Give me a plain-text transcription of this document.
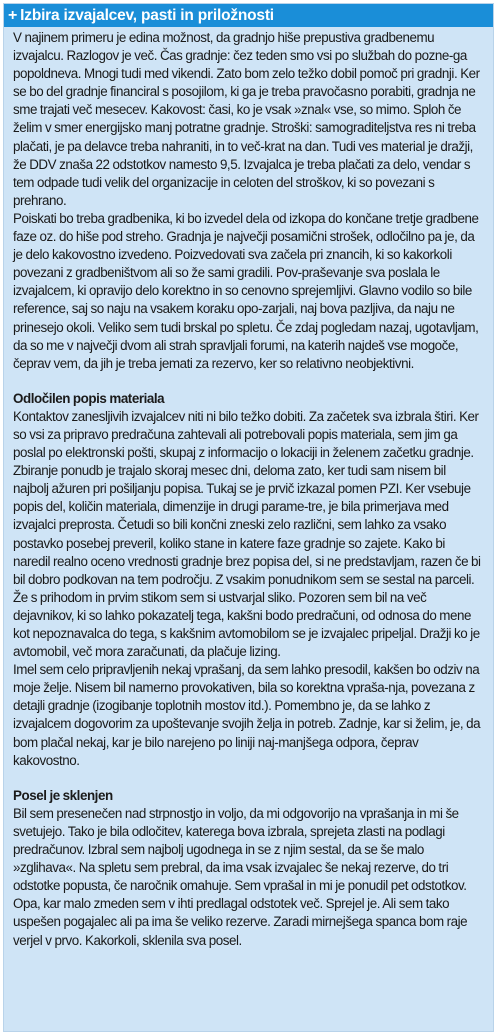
+ Izbira izvajalcev, pasti in priložnosti

V najinem primeru je edina možnost, da gradnjo hiše prepustiva gradbenemu izvajalcu. Razlogov je več. Čas gradnje: čez teden smo vsi po službah do pozne-ga popoldneva. Mnogi tudi med vikendi. Zato bom zelo težko dobil pomoč pri gradnji. Ker se bo del gradnje financiral s posojilom, ki ga je treba pravočasno porabiti, gradnja ne sme trajati več mesecev. Kakovost: časi, ko je vsak »znal« vse, so mimo. Sploh če želim v smer energijsko manj potratne gradnje. Stroški: samograditeljstva res ni treba plačati, je pa delavce treba nahraniti, in to več-krat na dan. Tudi ves material je dražji, že DDV znaša 22 odstotkov namesto 9,5. Izvajalca je treba plačati za delo, vendar s tem odpade tudi velik del organizacije in celoten del stroškov, ki so povezani s prehrano.

Poiskati bo treba gradbenika, ki bo izvedel dela od izkopa do končane tretje gradbene faze oz. do hiše pod streho. Gradnja je največji posamični strošek, odločilno pa je, da je delo kakovostno izvedeno. Poizvedovati sva začela pri znancih, ki so kakorkoli povezani z gradbeništvom ali so že sami gradili. Pov-praševanje sva poslala le izvajalcem, ki opravijo delo korektno in so cenovno sprejemljivi. Glavno vodilo so bile reference, saj so naju na vsakem koraku opo-zarjali, naj bova pazljiva, da naju ne prinesejo okoli. Veliko sem tudi brskal po spletu. Če zdaj pogledam nazaj, ugotavljam, da so me v največji dvom ali strah spravljali forumi, na katerih najdeš vse mogoče, čeprav vem, da jih je treba jemati za rezervo, ker so relativno neobjektivni.

Odločilen popis materiala

Kontaktov zanesljivih izvajalcev niti ni bilo težko dobiti. Za začetek sva izbrala štiri. Ker so vsi za pripravo predračuna zahtevali ali potrebovali popis materiala, sem jim ga poslal po elektronski pošti, skupaj z informacijo o lokaciji in želenem začetku gradnje. Zbiranje ponudb je trajalo skoraj mesec dni, deloma zato, ker tudi sam nisem bil najbolj ažuren pri pošiljanju popisa. Tukaj se je prvič izkazal pomen PZI. Ker vsebuje popis del, količin materiala, dimenzije in drugi parame-tre, je bila primerjava med izvajalci preprosta. Četudi so bili končni zneski zelo različni, sem lahko za vsako postavko posebej preveril, koliko stane in katere faze gradnje so zajete. Kako bi naredil realno oceno vrednosti gradnje brez popisa del, si ne predstavljam, razen če bi bil dobro podkovan na tem področju. Z vsakim ponudnikom sem se sestal na parceli. Že s prihodom in prvim stikom sem si ustvarjal sliko. Pozoren sem bil na več dejavnikov, ki so lahko pokazatelj tega, kakšni bodo predračuni, od odnosa do mene kot nepoznavalca do tega, s kakšnim avtomobilom se je izvajalec pripeljal. Dražji ko je avtomobil, več mora zaračunati, da plačuje lizing.

Imel sem celo pripravljenih nekaj vprašanj, da sem lahko presodil, kakšen bo odziv na moje želje. Nisem bil namerno provokativen, bila so korektna vpraša-nja, povezana z detajli gradnje (izogibanje toplotnih mostov itd.). Pomembno je, da se lahko z izvajalcem dogovorim za upoštevanje svojih želja in potreb. Zadnje, kar si želim, je, da bom plačal nekaj, kar je bilo narejeno po liniji naj-manjšega odpora, čeprav kakovostno.

Posel je sklenjen

Bil sem presenečen nad strpnostjo in voljo, da mi odgovorijo na vprašanja in mi še svetujejo. Tako je bila odločitev, katerega bova izbrala, sprejeta zlasti na podlagi predračunov. Izbral sem najbolj ugodnega in se z njim sestal, da se še malo »zglihava«. Na spletu sem prebral, da ima vsak izvajalec še nekaj rezerve, do tri odstotke popusta, če naročnik omahuje. Sem vprašal in mi je ponudil pet odstotkov. Opa, kar malo zmeden sem v ihti predlagal odstotek več. Sprejel je. Ali sem tako uspešen pogajalec ali pa ima še veliko rezerve. Zaradi mirnejšega spanca bom raje verjel v prvo. Kakorkoli, sklenila sva posel.
